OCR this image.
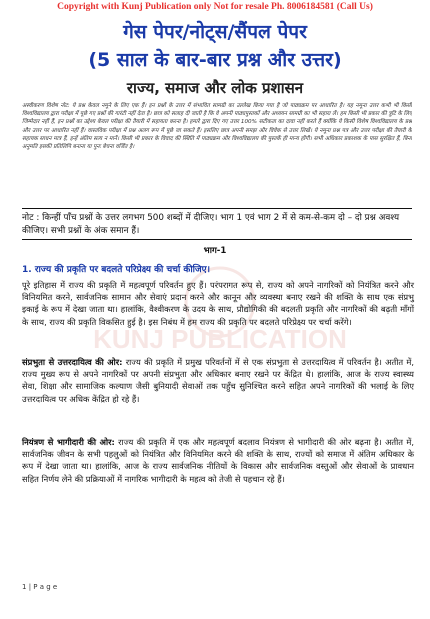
Copyright with Kunj Publication only Not for resale Ph. 8006184581 (Call Us)
गेस पेपर/नोट्स/सैंपल पेपर
(5 साल के बार-बार प्रश्न और उत्तर)
राज्य, समाज और लोक प्रशासन
अस्वीकरण विशेष नोट: ये प्रश्न केवल नमूने के लिए एक हैं। इन प्रश्नों के उत्तर में संभावित सामग्री का उल्लेख किया गया है जो पाठ्यक्रम पर आधारित है। यह नमूना उत्तर कभी भी किसी विश्वविद्यालय द्वारा परीक्षा में पूछे गए प्रश्नों की गारंटी नहीं देता है। छात्र को सलाह दी जाती है कि वे अपनी पाठ्यपुस्तकों और अध्ययन सामग्री का भी सहारा लें। हम किसी भी प्रकार की त्रुटि के लिए जिम्मेदार नहीं हैं, इन प्रश्नों का उद्देश्य केवल परीक्षा की तैयारी में सहायता करना है। हमारे द्वारा दिए गए उत्तर 100% सटीकता का दावा नहीं करते हैं क्योंकि ये किसी विशेष विश्वविद्यालय के प्रश्न और उत्तर पर आधारित नहीं हैं। वास्तविक परीक्षा में प्रश्न अलग रूप में पूछे जा सकते हैं। इसलिए छात्र अपनी समझ और विवेक से उत्तर लिखें। ये नमूना प्रश्न पत्र और उत्तर परीक्षा की तैयारी के सहायक साधन मात्र हैं, इन्हें अंतिम सत्य न मानें। किसी भी प्रकार के विवाद की स्थिति में पाठ्यक्रम और विश्वविद्यालय की पुस्तकें ही मान्य होंगी। सभी अधिकार प्रकाशक के पास सुरक्षित हैं, बिना अनुमति इसकी प्रतिलिपि बनाना या पुनः बेचना वर्जित है।
नोट : किन्हीं पाँच प्रश्नों के उत्तर लगभग 500 शब्दों में दीजिए। भाग 1 एवं भाग 2 में से कम-से-कम दो – दो प्रश्न अवश्य कीजिए। सभी प्रश्नों के अंक समान हैं।
भाग-1
KUNJ PUBLICATION
1. राज्य की प्रकृति पर बदलते परिप्रेक्ष्य की चर्चा कीजिए।
पूरे इतिहास में राज्य की प्रकृति में महत्वपूर्ण परिवर्तन हुए हैं। परंपरागत रूप से, राज्य को अपने नागरिकों को नियंत्रित करने और विनियमित करने, सार्वजनिक सामान और सेवाएं प्रदान करने और कानून और व्यवस्था बनाए रखने की शक्ति के साथ एक संप्रभु इकाई के रूप में देखा जाता था। हालांकि, वैश्वीकरण के उदय के साथ, प्रौद्योगिकी की बदलती प्रकृति और नागरिकों की बढ़ती माँगों के साथ, राज्य की प्रकृति विकसित हुई है। इस निबंध में हम राज्य की प्रकृति पर बदलते परिप्रेक्ष्य पर चर्चा करेंगे।
संप्रभुता से उत्तरदायित्व की ओर: राज्य की प्रकृति में प्रमुख परिवर्तनों में से एक संप्रभुता से उत्तरदायित्व में परिवर्तन है। अतीत में, राज्य मुख्य रूप से अपने नागरिकों पर अपनी संप्रभुता और अधिकार बनाए रखने पर केंद्रित थे। हालांकि, आज के राज्य स्वास्थ्य सेवा, शिक्षा और सामाजिक कल्याण जैसी बुनियादी सेवाओं तक पहुँच सुनिश्चित करने सहित अपने नागरिकों की भलाई के लिए उत्तरदायित्व पर अधिक केंद्रित हो रहे हैं।
नियंत्रण से भागीदारी की ओर: राज्य की प्रकृति में एक और महत्वपूर्ण बदलाव नियंत्रण से भागीदारी की ओर बढ़ना है। अतीत में, सार्वजनिक जीवन के सभी पहलुओं को नियंत्रित और विनियमित करने की शक्ति के साथ, राज्यों को समाज में अंतिम अधिकार के रूप में देखा जाता था। हालांकि, आज के राज्य सार्वजनिक नीतियों के विकास और सार्वजनिक वस्तुओं और सेवाओं के प्रावधान सहित निर्णय लेने की प्रक्रियाओं में नागरिक भागीदारी के महत्व को तेजी से पहचान रहे हैं।
1 | P a g e
